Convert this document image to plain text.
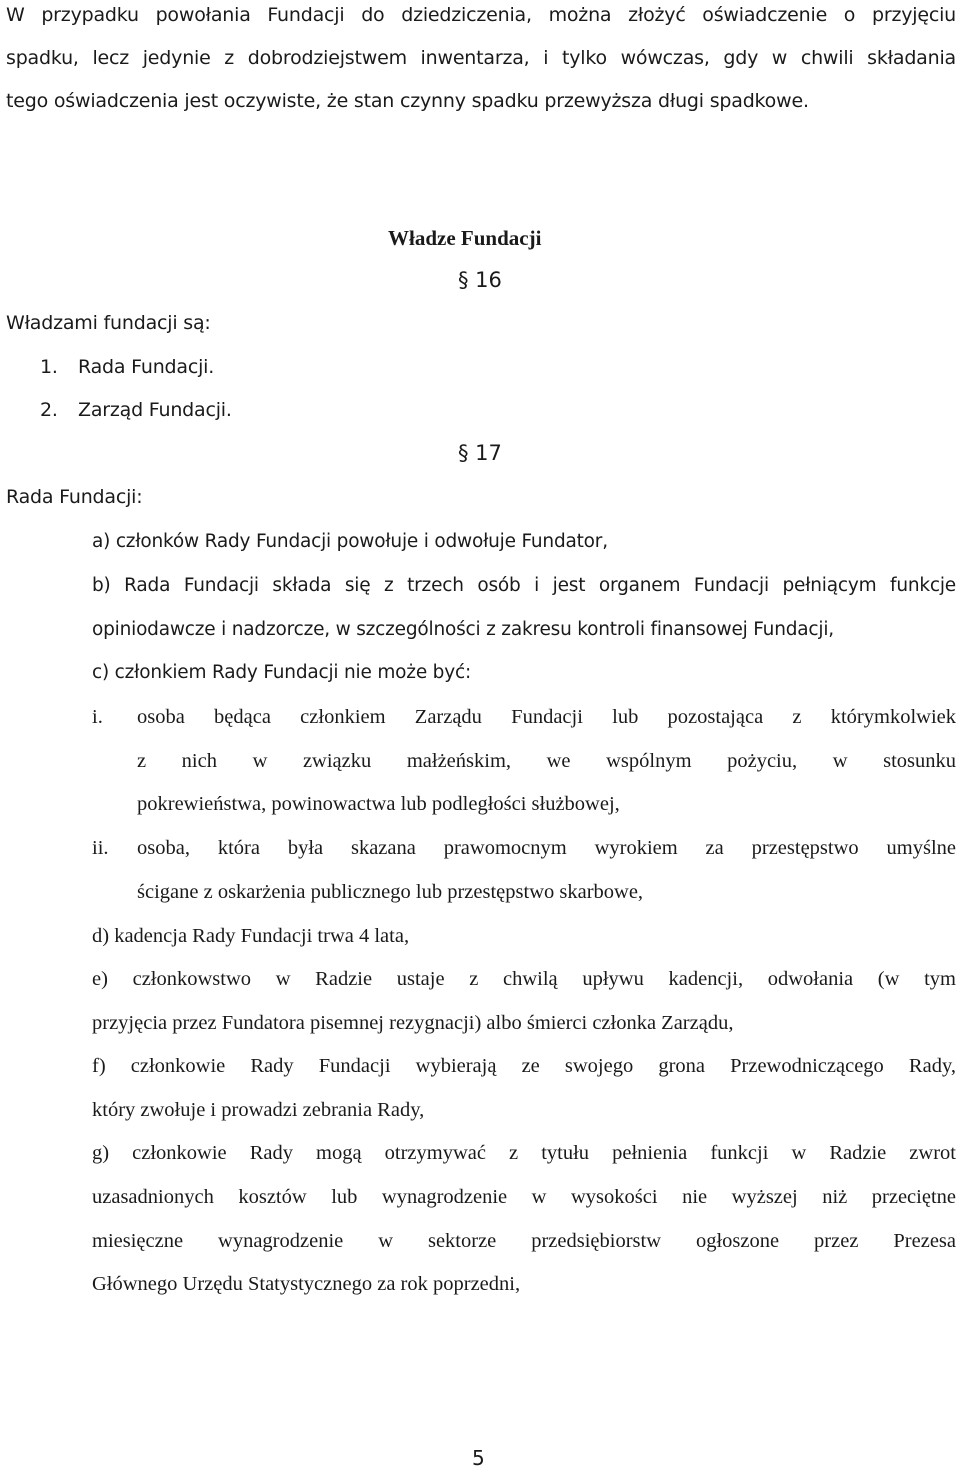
W przypadku powołania Fundacji do dziedziczenia, można złożyć oświadczenie o przyjęciu
spadku, lecz jedynie z dobrodziejstwem inwentarza, i tylko wówczas, gdy w chwili składania
tego oświadczenia jest oczywiste, że stan czynny spadku przewyższa długi spadkowe.
Władze Fundacji
§ 16
Władzami fundacji są:
1. Rada Fundacji.
2. Zarząd Fundacji.
§ 17
Rada Fundacji:
a) członków Rady Fundacji powołuje i odwołuje Fundator,
b) Rada Fundacji składa się z trzech osób i jest organem Fundacji pełniącym funkcje
opiniodawcze i nadzorcze, w szczególności z zakresu kontroli finansowej Fundacji,
c) członkiem Rady Fundacji nie może być:
i. osoba będąca członkiem Zarządu Fundacji lub pozostająca z którymkolwiek
z nich w związku małżeńskim, we wspólnym pożyciu, w stosunku
pokrewieństwa, powinowactwa lub podległości służbowej,
ii. osoba, która była skazana prawomocnym wyrokiem za przestępstwo umyślne
ścigane z oskarżenia publicznego lub przestępstwo skarbowe,
d) kadencja Rady Fundacji trwa 4 lata,
e) członkowstwo w Radzie ustaje z chwilą upływu kadencji, odwołania (w tym
przyjęcia przez Fundatora pisemnej rezygnacji) albo śmierci członka Zarządu,
f) członkowie Rady Fundacji wybierają ze swojego grona Przewodniczącego Rady,
który zwołuje i prowadzi zebrania Rady,
g) członkowie Rady mogą otrzymywać z tytułu pełnienia funkcji w Radzie zwrot
uzasadnionych kosztów lub wynagrodzenie w wysokości nie wyższej niż przeciętne
miesięczne wynagrodzenie w sektorze przedsiębiorstw ogłoszone przez Prezesa
Głównego Urzędu Statystycznego za rok poprzedni,
5
